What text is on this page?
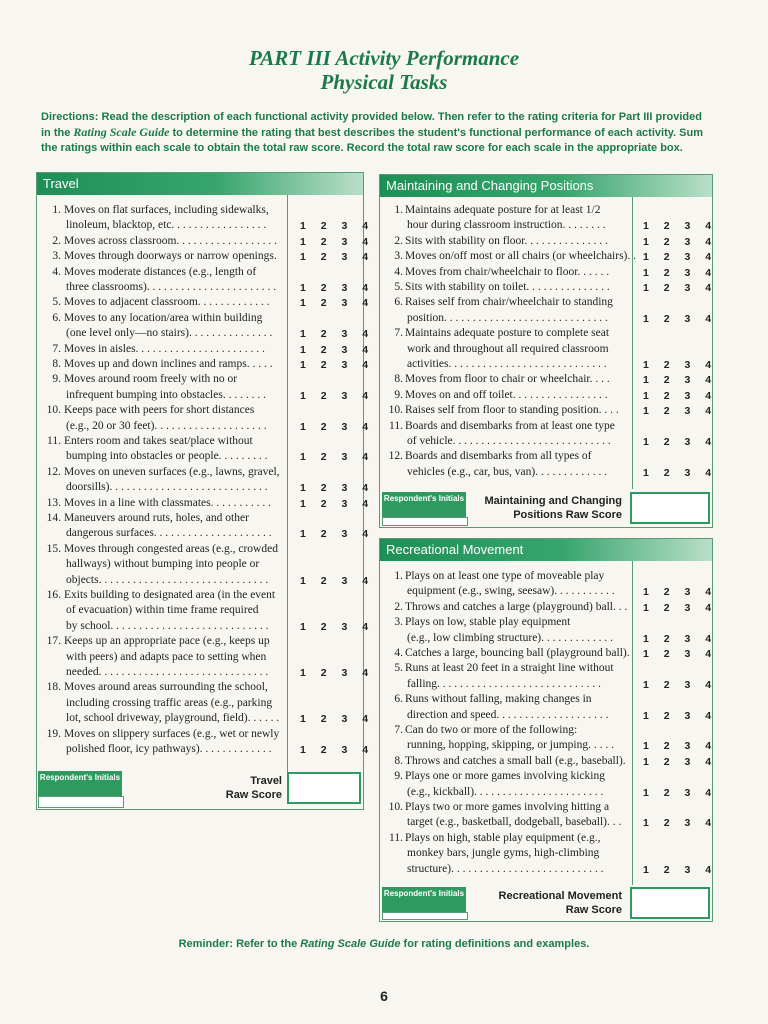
PART III Activity Performance
Physical Tasks
Directions: Read the description of each functional activity provided below. Then refer to the rating criteria for Part III provided in the Rating Scale Guide to determine the rating that best describes the student's functional performance of each activity. Sum the ratings within each scale to obtain the total raw score. Record the total raw score for each scale in the appropriate box.
Travel
1. Moves on flat surfaces, including sidewalks,
linoleum, blacktop, etc. . . . . . . . . . . . . . . . .	1 2 3 4
2. Moves across classroom. . . . . . . . . . . . . . . . . . 1 2 3 4
3. Moves through doorways or narrow openings. 1 2 3 4
4. Moves moderate distances (e.g., length of
three classrooms). . . . . . . . . . . . . . . . . . . . . . . 1 2 3 4
5. Moves to adjacent classroom. . . . . . . . . . . . .	1 2 3 4
6. Moves to any location/area within building
(one level only—no stairs). . . . . . . . . . . . . . .	1 2 3 4
7. Moves in aisles. . . . . . . . . . . . . . . . . . . . . . .	1 2 3 4
8. Moves up and down inclines and ramps. . . . .	1 2 3 4
9. Moves around room freely with no or
infrequent bumping into obstacles. . . . . . . .	1 2 3 4
10. Keeps pace with peers for short distances
(e.g., 20 or 30 feet). . . . . . . . . . . . . . . . . . . .	1 2 3 4
11. Enters room and takes seat/place without
bumping into obstacles or people. . . . . . . . .	1 2 3 4
12. Moves on uneven surfaces (e.g., lawns, gravel,
doorsills). . . . . . . . . . . . . . . . . . . . . . . . . . . .	1 2 3 4
13. Moves in a line with classmates. . . . . . . . . . .	1 2 3 4
14. Maneuvers around ruts, holes, and other
dangerous surfaces. . . . . . . . . . . . . . . . . . . . .	1 2 3 4
15. Moves through congested areas (e.g., crowded
hallways) without bumping into people or
objects. . . . . . . . . . . . . . . . . . . . . . . . . . . . . .	1 2 3 4
16. Exits building to designated area (in the event
of evacuation) within time frame required
by school. . . . . . . . . . . . . . . . . . . . . . . . . . . .	1 2 3 4
17. Keeps up an appropriate pace (e.g., keeps up
with peers) and adapts pace to setting when
needed. . . . . . . . . . . . . . . . . . . . . . . . . . . . . .	1 2 3 4
18. Moves around areas surrounding the school,
including crossing traffic areas (e.g., parking
lot, school driveway, playground, field). . . . . . 1 2 3 4
19. Moves on slippery surfaces (e.g., wet or newly
polished floor, icy pathways). . . . . . . . . . . . .	1 2 3 4
Respondent's Initials	Travel
Raw Score
Maintaining and Changing Positions
1. Maintains adequate posture for at least 1/2
hour during classroom instruction. . . . . . . .	1 2 3 4
2. Sits with stability on floor. . . . . . . . . . . . . . .	1 2 3 4
3. Moves on/off most or all chairs (or wheelchairs). . 1 2 3 4
4. Moves from chair/wheelchair to floor. . . . . .	1 2 3 4
5. Sits with stability on toilet. . . . . . . . . . . . . . .	1 2 3 4
6. Raises self from chair/wheelchair to standing
position. . . . . . . . . . . . . . . . . . . . . . . . . . . . .	1 2 3 4
7. Maintains adequate posture to complete seat
work and throughout all required classroom
activities. . . . . . . . . . . . . . . . . . . . . . . . . . . .	1 2 3 4
8. Moves from floor to chair or wheelchair. . . .	1 2 3 4
9. Moves on and off toilet. . . . . . . . . . . . . . . . .	1 2 3 4
10. Raises self from floor to standing position. . . . 1 2 3 4
11. Boards and disembarks from at least one type
of vehicle. . . . . . . . . . . . . . . . . . . . . . . . . . . .	1 2 3 4
12. Boards and disembarks from all types of
vehicles (e.g., car, bus, van). . . . . . . . . . . . .	1 2 3 4
Respondent's Initials	Maintaining and Changing
Positions Raw Score
Recreational Movement
1. Plays on at least one type of moveable play
equipment (e.g., swing, seesaw). . . . . . . . . . .	1 2 3 4
2. Throws and catches a large (playground) ball. . . 1 2 3 4
3. Plays on low, stable play equipment
(e.g., low climbing structure). . . . . . . . . . . . .	1 2 3 4
4. Catches a large, bouncing ball (playground ball). 1 2 3 4
5. Runs at least 20 feet in a straight line without
falling. . . . . . . . . . . . . . . . . . . . . . . . . . . . .	1 2 3 4
6. Runs without falling, making changes in
direction and speed. . . . . . . . . . . . . . . . . . . .	1 2 3 4
7. Can do two or more of the following:
running, hopping, skipping, or jumping. . . . .	1 2 3 4
8. Throws and catches a small ball (e.g., baseball). 1 2 3 4
9. Plays one or more games involving kicking
(e.g., kickball). . . . . . . . . . . . . . . . . . . . . . .	1 2 3 4
10. Plays two or more games involving hitting a
target (e.g., basketball, dodgeball, baseball). . . 1 2 3 4
11. Plays on high, stable play equipment (e.g.,
monkey bars, jungle gyms, high-climbing
structure). . . . . . . . . . . . . . . . . . . . . . . . . . .	1 2 3 4
Respondent's Initials	Recreational Movement
Raw Score
Reminder: Refer to the Rating Scale Guide for rating definitions and examples.
6
